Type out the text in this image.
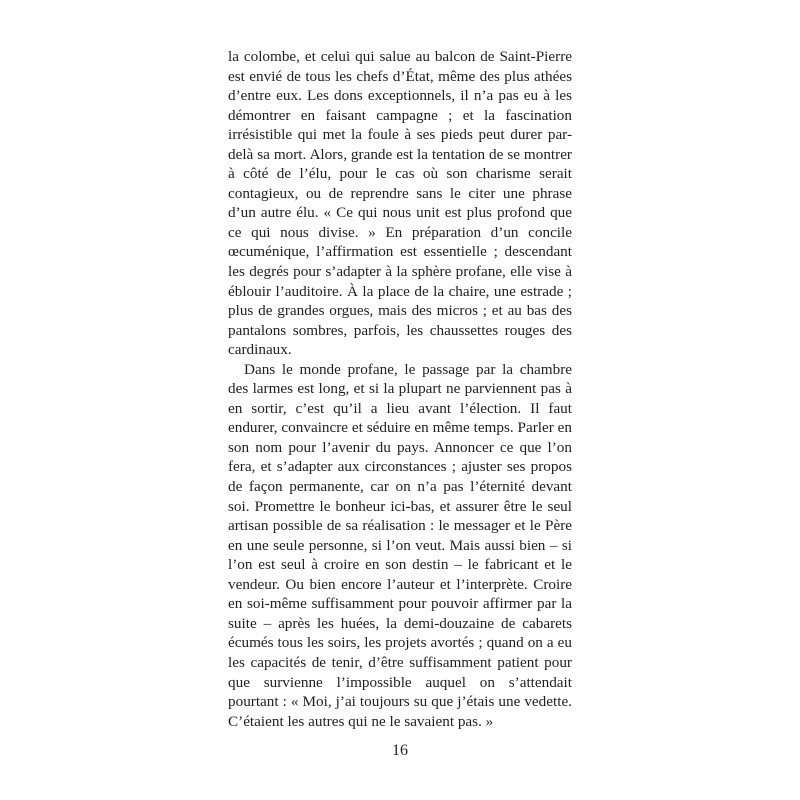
la colombe, et celui qui salue au balcon de Saint-Pierre est envié de tous les chefs d’État, même des plus athées d’entre eux. Les dons exceptionnels, il n’a pas eu à les démontrer en faisant campagne ; et la fascination irrésistible qui met la foule à ses pieds peut durer par-delà sa mort. Alors, grande est la tentation de se montrer à côté de l’élu, pour le cas où son charisme serait contagieux, ou de reprendre sans le citer une phrase d’un autre élu. « Ce qui nous unit est plus profond que ce qui nous divise. » En préparation d’un concile œcuménique, l’affirmation est essentielle ; descendant les degrés pour s’adapter à la sphère profane, elle vise à éblouir l’auditoire. À la place de la chaire, une estrade ; plus de grandes orgues, mais des micros ; et au bas des pantalons sombres, parfois, les chaussettes rouges des cardinaux.

Dans le monde profane, le passage par la chambre des larmes est long, et si la plupart ne parviennent pas à en sortir, c’est qu’il a lieu avant l’élection. Il faut endurer, convaincre et séduire en même temps. Parler en son nom pour l’avenir du pays. Annoncer ce que l’on fera, et s’adapter aux circonstances ; ajuster ses propos de façon permanente, car on n’a pas l’éternité devant soi. Promettre le bonheur ici-bas, et assurer être le seul artisan possible de sa réalisation : le messager et le Père en une seule personne, si l’on veut. Mais aussi bien – si l’on est seul à croire en son destin – le fabricant et le vendeur. Ou bien encore l’auteur et l’interprète. Croire en soi-même suffisamment pour pouvoir affirmer par la suite – après les huées, la demi-douzaine de cabarets écumés tous les soirs, les projets avortés ; quand on a eu les capacités de tenir, d’être suffisamment patient pour que survienne l’impossible auquel on s’attendait pourtant : « Moi, j’ai toujours su que j’étais une vedette. C’étaient les autres qui ne le savaient pas. »

16
